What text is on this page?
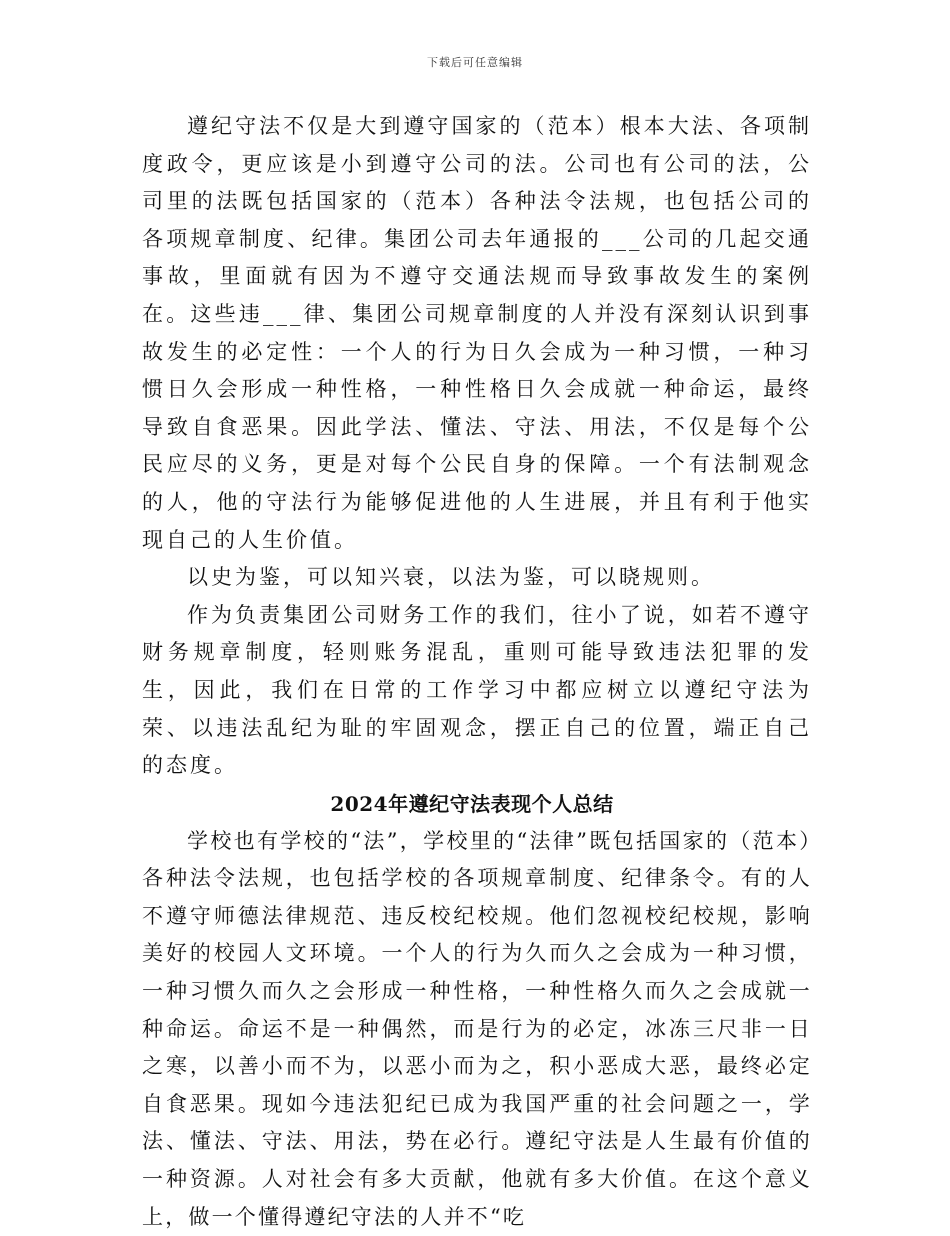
下载后可任意编辑

遵纪守法不仅是大到遵守国家的（范本）根本大法、各项制度政令，更应该是小到遵守公司的法。公司也有公司的法，公司里的法既包括国家的（范本）各种法令法规，也包括公司的各项规章制度、纪律。集团公司去年通报的___公司的几起交通事故，里面就有因为不遵守交通法规而导致事故发生的案例在。这些违___律、集团公司规章制度的人并没有深刻认识到事故发生的必定性：一个人的行为日久会成为一种习惯，一种习惯日久会形成一种性格，一种性格日久会成就一种命运，最终导致自食恶果。因此学法、懂法、守法、用法，不仅是每个公民应尽的义务，更是对每个公民自身的保障。一个有法制观念的人，他的守法行为能够促进他的人生进展，并且有利于他实现自己的人生价值。

以史为鉴，可以知兴衰，以法为鉴，可以晓规则。

作为负责集团公司财务工作的我们，往小了说，如若不遵守财务规章制度，轻则账务混乱，重则可能导致违法犯罪的发生，因此，我们在日常的工作学习中都应树立以遵纪守法为荣、以违法乱纪为耻的牢固观念，摆正自己的位置，端正自己的态度。

2024年遵纪守法表现个人总结

学校也有学校的“法”，学校里的“法律”既包括国家的（范本）各种法令法规，也包括学校的各项规章制度、纪律条令。有的人不遵守师德法律规范、违反校纪校规。他们忽视校纪校规，影响美好的校园人文环境。一个人的行为久而久之会成为一种习惯，一种习惯久而久之会形成一种性格，一种性格久而久之会成就一种命运。命运不是一种偶然，而是行为的必定，冰冻三尺非一日之寒，以善小而不为，以恶小而为之，积小恶成大恶，最终必定自食恶果。现如今违法犯纪已成为我国严重的社会问题之一，学法、懂法、守法、用法，势在必行。遵纪守法是人生最有价值的一种资源。人对社会有多大贡献，他就有多大价值。在这个意义上，做一个懂得遵纪守法的人并不“吃
